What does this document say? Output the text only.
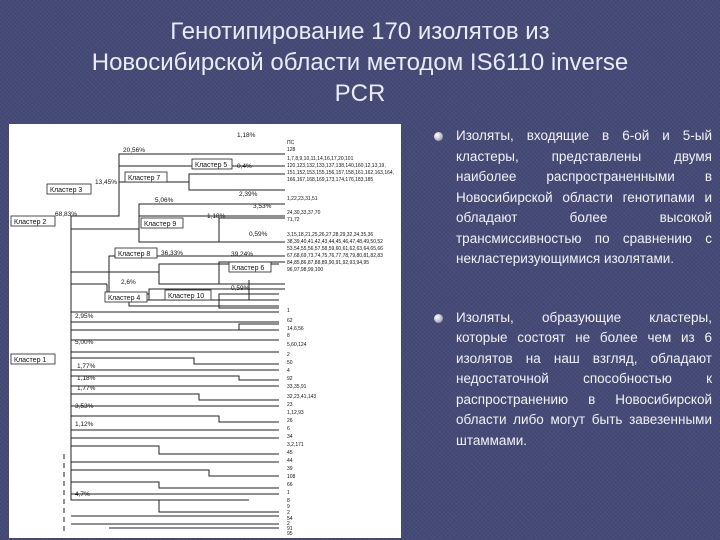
Генотипирование 170 изолятов из
Новосибирской области методом IS6110 inverse
PCR
Кластер 5
Кластер 7
Кластер 3
Кластер 2	Кластер 9
Кластер 8
Кластер 6
Кластер 4	Кластер 10
Кластер 1
1,18%
20,56%
0,4%
13,45%
5,06%
2,39%
3,53%
1,18%
0,59%
36,33%	39,24%
2,6%
0,59%
2,95%
5,00%
1,77%
1,18%
1,77%
3,53%
1,12%
4,7%
68,83%
ПС
128
1,7,8,9,10,11,14,16,17,20,101
120,123,132,133,137,138,140,160,12,13,19,
151,152,153,155,156,157,158,161,162,163,164,
166,167,168,169,173,174,176,183,185
1,22,23,31,51
24,30,33,37,70
71,72
3,15,18,21,25,26,27,28,29,32,34,35,36
38,39,40,41,42,43,44,45,46,47,48,49,50,52
53,54,55,56,57,58,59,60,61,62,63,64,65,66
67,68,69,73,74,75,76,77,78,79,80,81,82,83
84,85,86,87,88,89,90,91,92,93,94,95
96,97,98,99,100
1
62
14,6,56
8
5,60,124
2
50
4
92
33,35,91
32,23,41,143
23
1,12,93
26
6
34
3,2,171
45
44
39
108
66
1
8
9
2
54
2
91
95
Изоляты, входящие в 6-ой и 5-ый кластеры, представлены двумя наиболее распространенными в Новосибирской области генотипами и обладают более высокой трансмиссивностью по сравнению с некластеризующимися изолятами.
Изоляты, образующие кластеры, которые состоят не более чем из 6 изолятов на наш взгляд, обладают недостаточной способностью к распространению в Новосибирской области либо могут быть завезенными штаммами.
